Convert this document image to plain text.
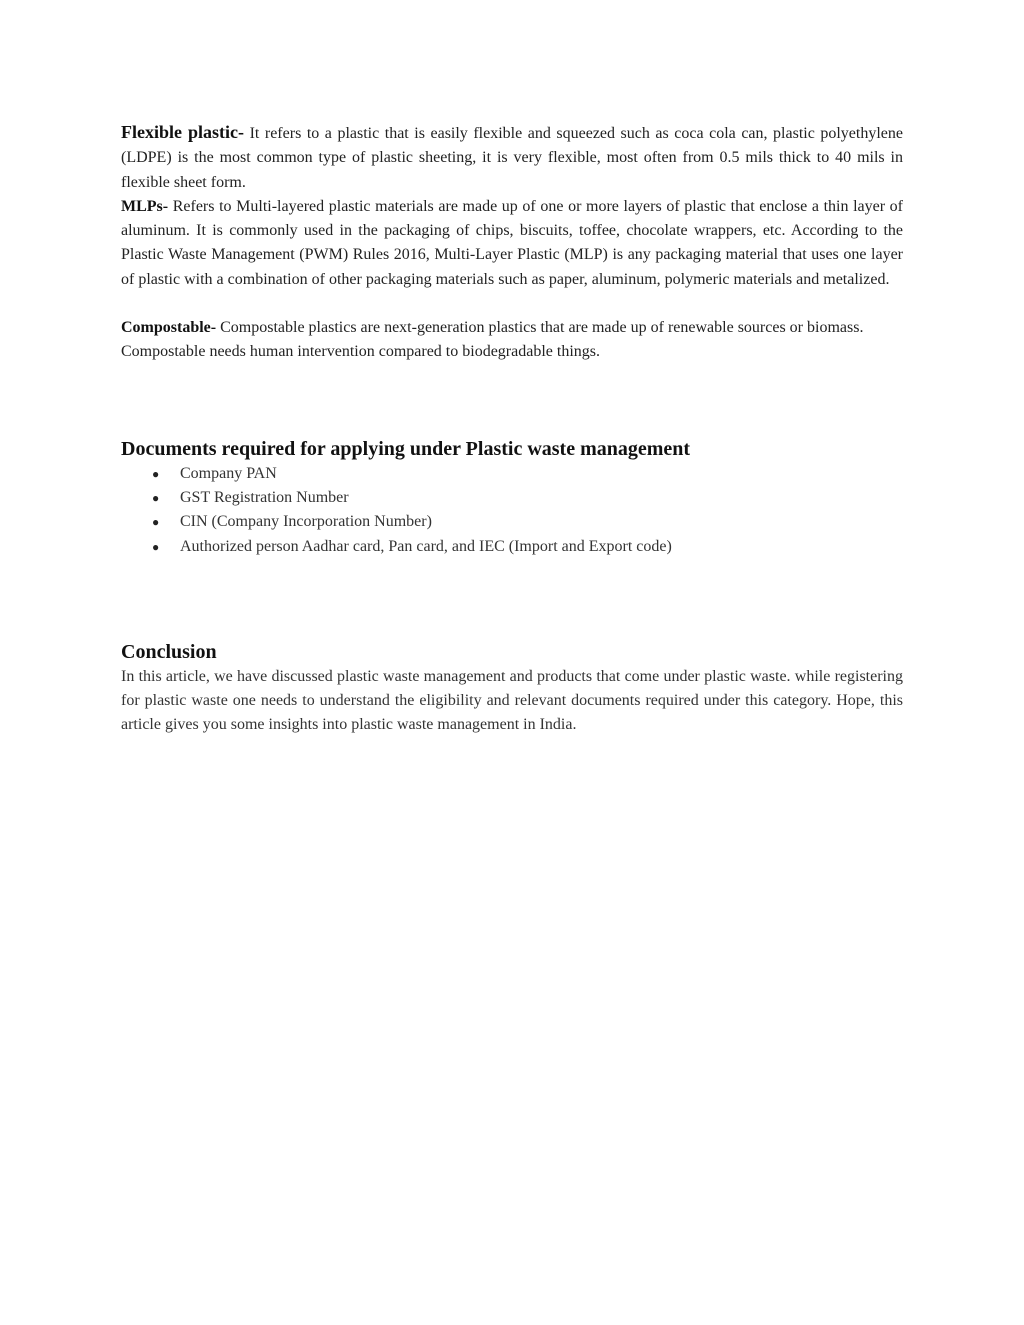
Flexible plastic- It refers to a plastic that is easily flexible and squeezed such as coca cola can, plastic polyethylene (LDPE) is the most common type of plastic sheeting, it is very flexible, most often from 0.5 mils thick to 40 mils in flexible sheet form.

MLPs- Refers to Multi-layered plastic materials are made up of one or more layers of plastic that enclose a thin layer of aluminum. It is commonly used in the packaging of chips, biscuits, toffee, chocolate wrappers, etc. According to the Plastic Waste Management (PWM) Rules 2016, Multi-Layer Plastic (MLP) is any packaging material that uses one layer of plastic with a combination of other packaging materials such as paper, aluminum, polymeric materials and metalized.

Compostable- Compostable plastics are next-generation plastics that are made up of renewable sources or biomass. Compostable needs human intervention compared to biodegradable things.

Documents required for applying under Plastic waste management
● Company PAN
● GST Registration Number
● CIN (Company Incorporation Number)
● Authorized person Aadhar card, Pan card, and IEC (Import and Export code)
Conclusion

In this article, we have discussed plastic waste management and products that come under plastic waste. while registering for plastic waste one needs to understand the eligibility and relevant documents required under this category. Hope, this article gives you some insights into plastic waste management in India.
